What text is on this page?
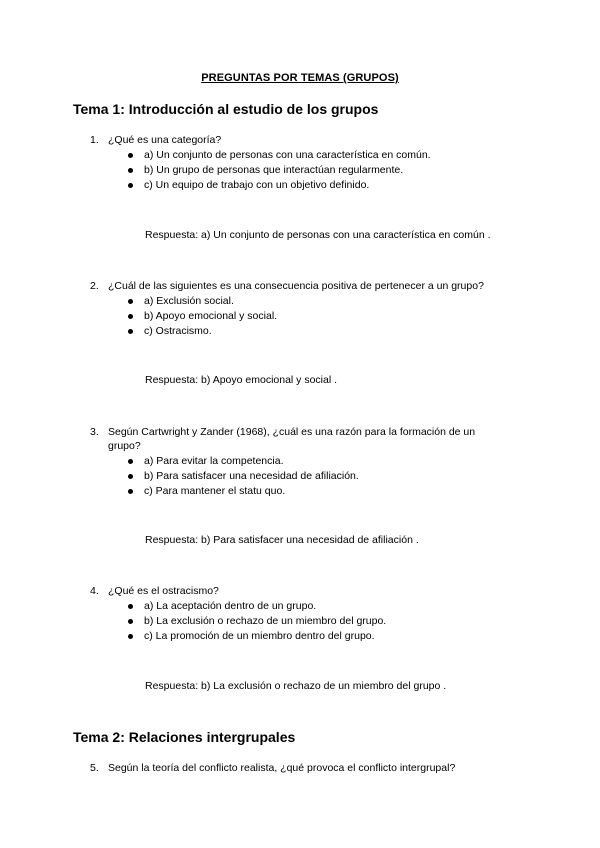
PREGUNTAS POR TEMAS (GRUPOS)
Tema 1: Introducción al estudio de los grupos
1. ¿Qué es una categoría?
a) Un conjunto de personas con una característica en común.
b) Un grupo de personas que interactúan regularmente.
c) Un equipo de trabajo con un objetivo definido.
Respuesta: a) Un conjunto de personas con una característica en común .
2. ¿Cuál de las siguientes es una consecuencia positiva de pertenecer a un grupo?
a) Exclusión social.
b) Apoyo emocional y social.
c) Ostracismo.
Respuesta: b) Apoyo emocional y social .
3. Según Cartwright y Zander (1968), ¿cuál es una razón para la formación de un grupo?
a) Para evitar la competencia.
b) Para satisfacer una necesidad de afiliación.
c) Para mantener el statu quo.
Respuesta: b) Para satisfacer una necesidad de afiliación .
4. ¿Qué es el ostracismo?
a) La aceptación dentro de un grupo.
b) La exclusión o rechazo de un miembro del grupo.
c) La promoción de un miembro dentro del grupo.
Respuesta: b) La exclusión o rechazo de un miembro del grupo .
Tema 2: Relaciones intergrupales
5. Según la teoría del conflicto realista, ¿qué provoca el conflicto intergrupal?
